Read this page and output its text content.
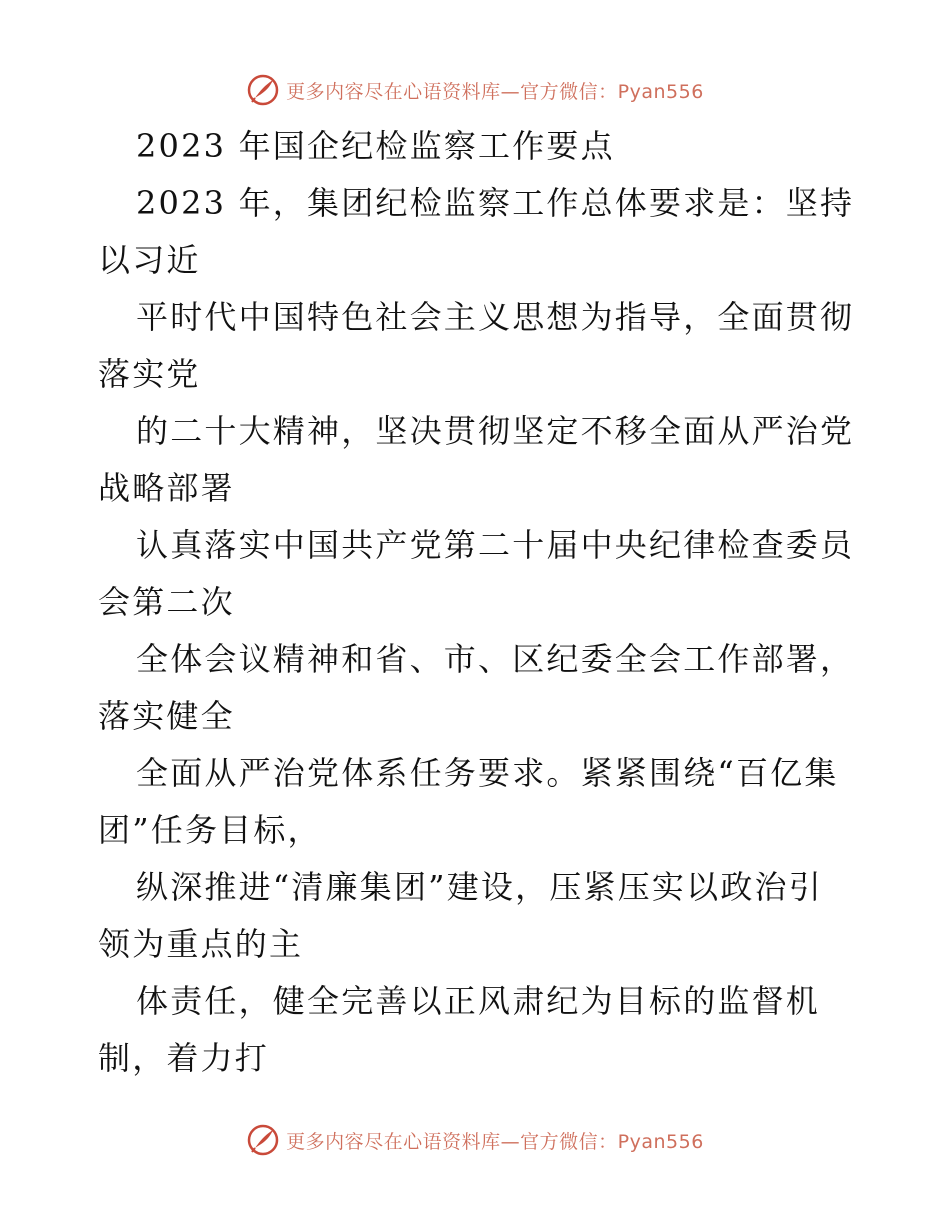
更多内容尽在心语资料库—官方微信：Pyan556
2023 年国企纪检监察工作要点
2023 年，集团纪检监察工作总体要求是：坚持
以习近
平时代中国特色社会主义思想为指导，全面贯彻
落实党
的二十大精神，坚决贯彻坚定不移全面从严治党
战略部署
认真落实中国共产党第二十届中央纪律检查委员
会第二次
全体会议精神和省、市、区纪委全会工作部署，
落实健全
全面从严治党体系任务要求。紧紧围绕“百亿集
团”任务目标，
纵深推进“清廉集团”建设，压紧压实以政治引
领为重点的主
体责任，健全完善以正风肃纪为目标的监督机
制，着力打
更多内容尽在心语资料库—官方微信：Pyan556
